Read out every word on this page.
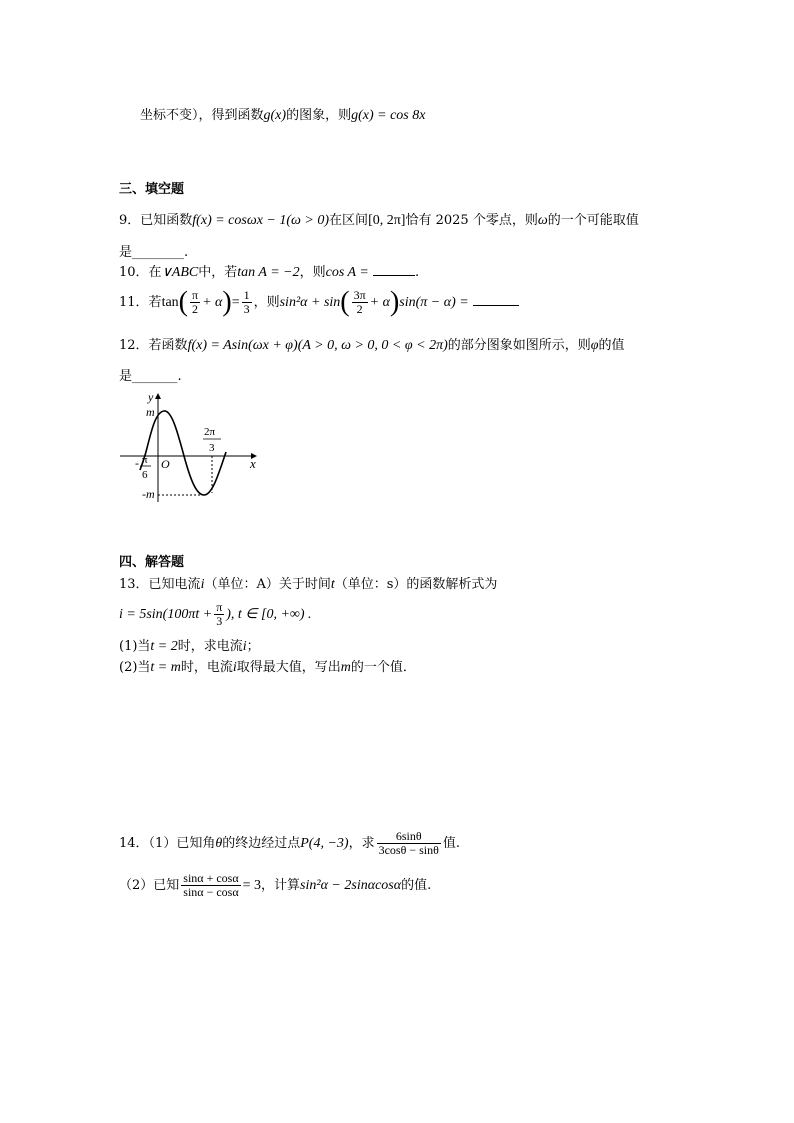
坐标不变），得到函数g(x)的图象，则g(x) = cos 8x
三、填空题
9．已知函数f(x) = cosωx − 1(ω > 0)在区间[0, 2π]恰有 2025 个零点，则ω的一个可能取值
是________.
10．在∨ABC中，若tan A = −2，则cos A =	.
11．若$\tan( \frac{\pi}{2} + \alpha)= \frac{1}{3}$ ，则$\sin^2\alpha + \sin( \frac{3\pi}{2} + \alpha)\sin(\pi - \alpha)$ =
12．若函数f(x) = Asin(ωx + φ)(A > 0, ω > 0, 0 < φ < 2π)的部分图象如图所示，则φ的值
是_______.
y
x
m
O
-m
- π
6
2π
3
四、解答题
13．已知电流i（单位：A）关于时间t（单位：s）的函数解析式为
$i = 5\sin(100\pi t + \frac{\pi}{3}$ ), t ∈ [0, +∞) .
(1)当t = 2时，求电流i；
(2)当t = m时，电流i取得最大值，写出m的一个值．
14．（1）已知角θ的终边经过点P(4, −3)，求 $\frac{6\sin\theta}{3\cos\theta - \sin\theta}$ 值.
（2）已知 $\frac{\sin\alpha + \cos\alpha}{\sin\alpha - \cos\alpha} = 3$，计算sin²α − 2sinαcosα的值.
